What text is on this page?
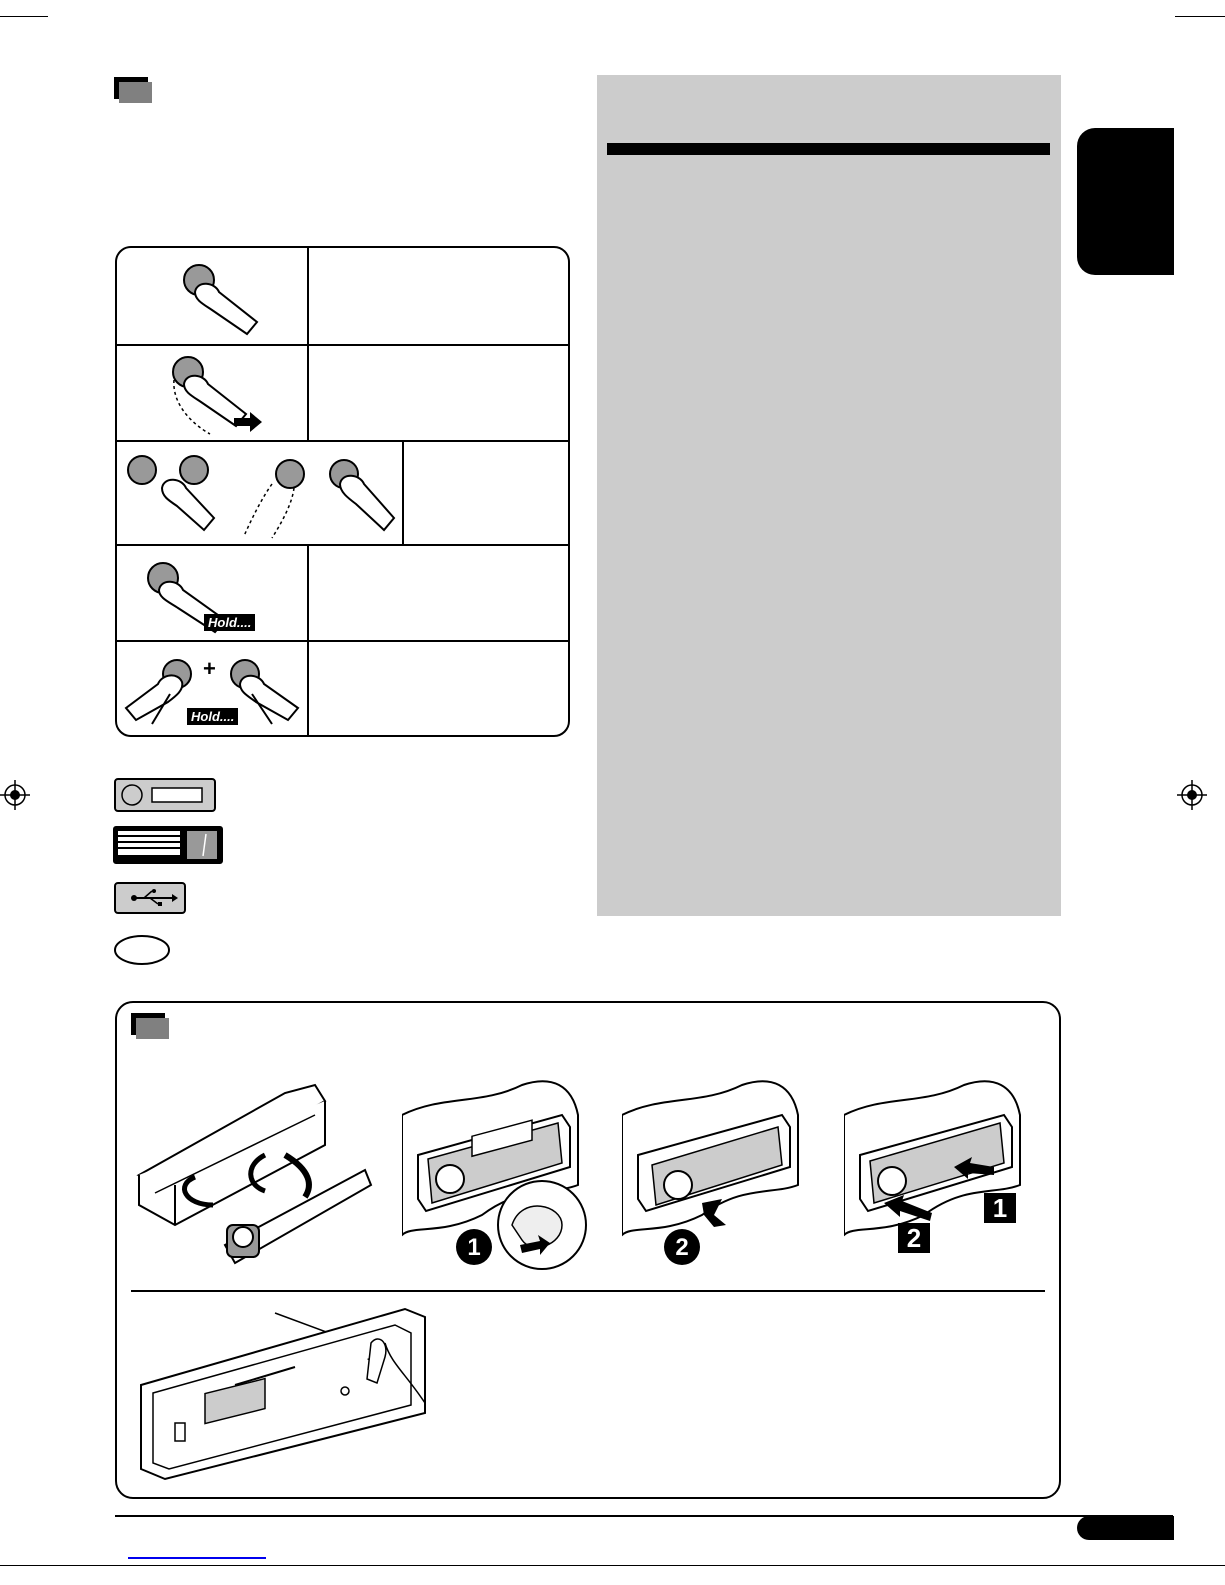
Hold....
+
Hold....
1	2
1
2
